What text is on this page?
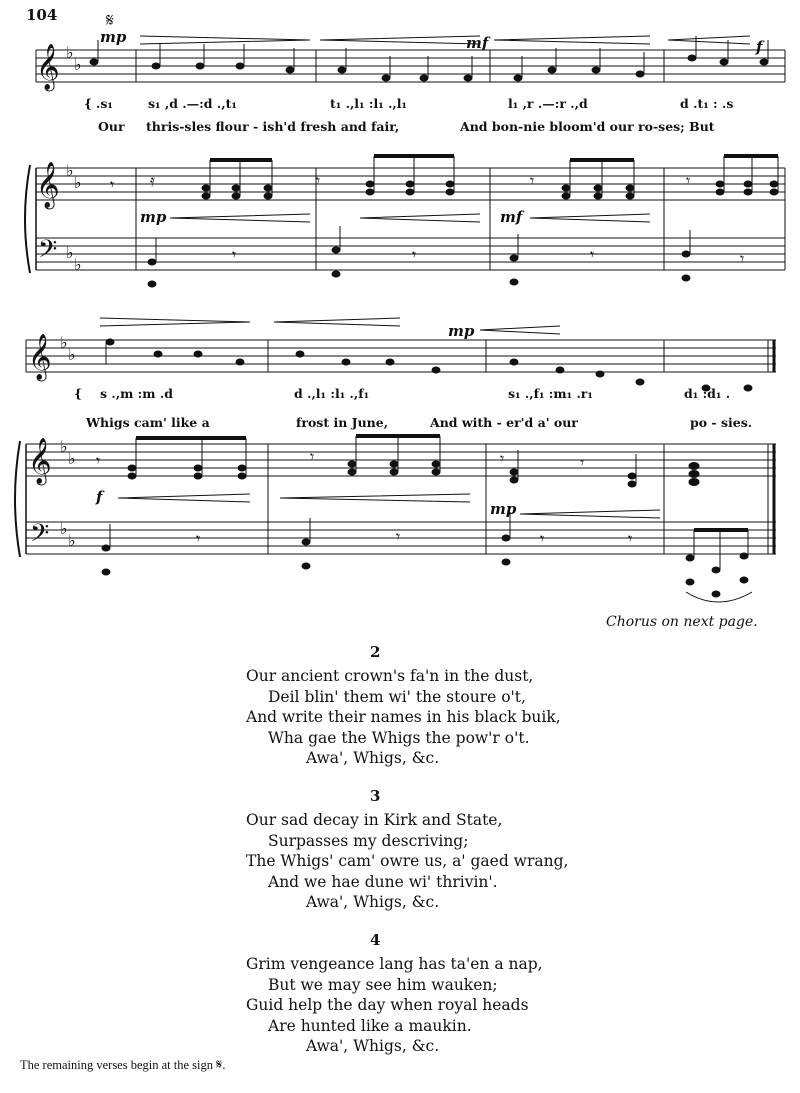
104	𝄋
𝄞
𝄞
𝄢
𝄞
𝄞
𝄢
♭
♭
♭
♭
♭
♭
♭
♭
♭
♭
♭
♭
𝄾 𝄿	𝄾	𝄾	𝄾
𝄾	𝄾	𝄾	𝄾
𝄾	𝄾	𝄾	𝄾
𝄾	𝄾	𝄾	𝄾
mp	mf	f
mp	mf
f
mp
mp
{ .s₁	s₁ ,d .—:d .,t₁	t₁ .,l₁ :l₁ .,l₁	l₁ ,r .—:r .,d	d .t₁ : .s
Our thris-sles flour - ish'd fresh and fair,	And bon-nie bloom'd our ro-ses; But
{ s .,m :m .d	d .,l₁ :l₁ .,f₁	s₁ .,f₁ :m₁ .r₁	d₁ :d₁ .
Whigs cam' like a	frost in June,	And with - er'd a' our	po - sies.
Chorus on next page.
2
Our ancient crown's fa'n in the dust,
Deil blin' them wi' the stoure o't,
And write their names in his black buik,
Wha gae the Whigs the pow'r o't.
Awa', Whigs, &c.
3
Our sad decay in Kirk and State,
Surpasses my descriving;
The Whigs' cam' owre us, a' gaed wrang,
And we hae dune wi' thrivin'.
Awa', Whigs, &c.
4
Grim vengeance lang has ta'en a nap,
But we may see him wauken;
Guid help the day when royal heads
Are hunted like a maukin.
Awa', Whigs, &c.
The remaining verses begin at the sign 𝄋.
